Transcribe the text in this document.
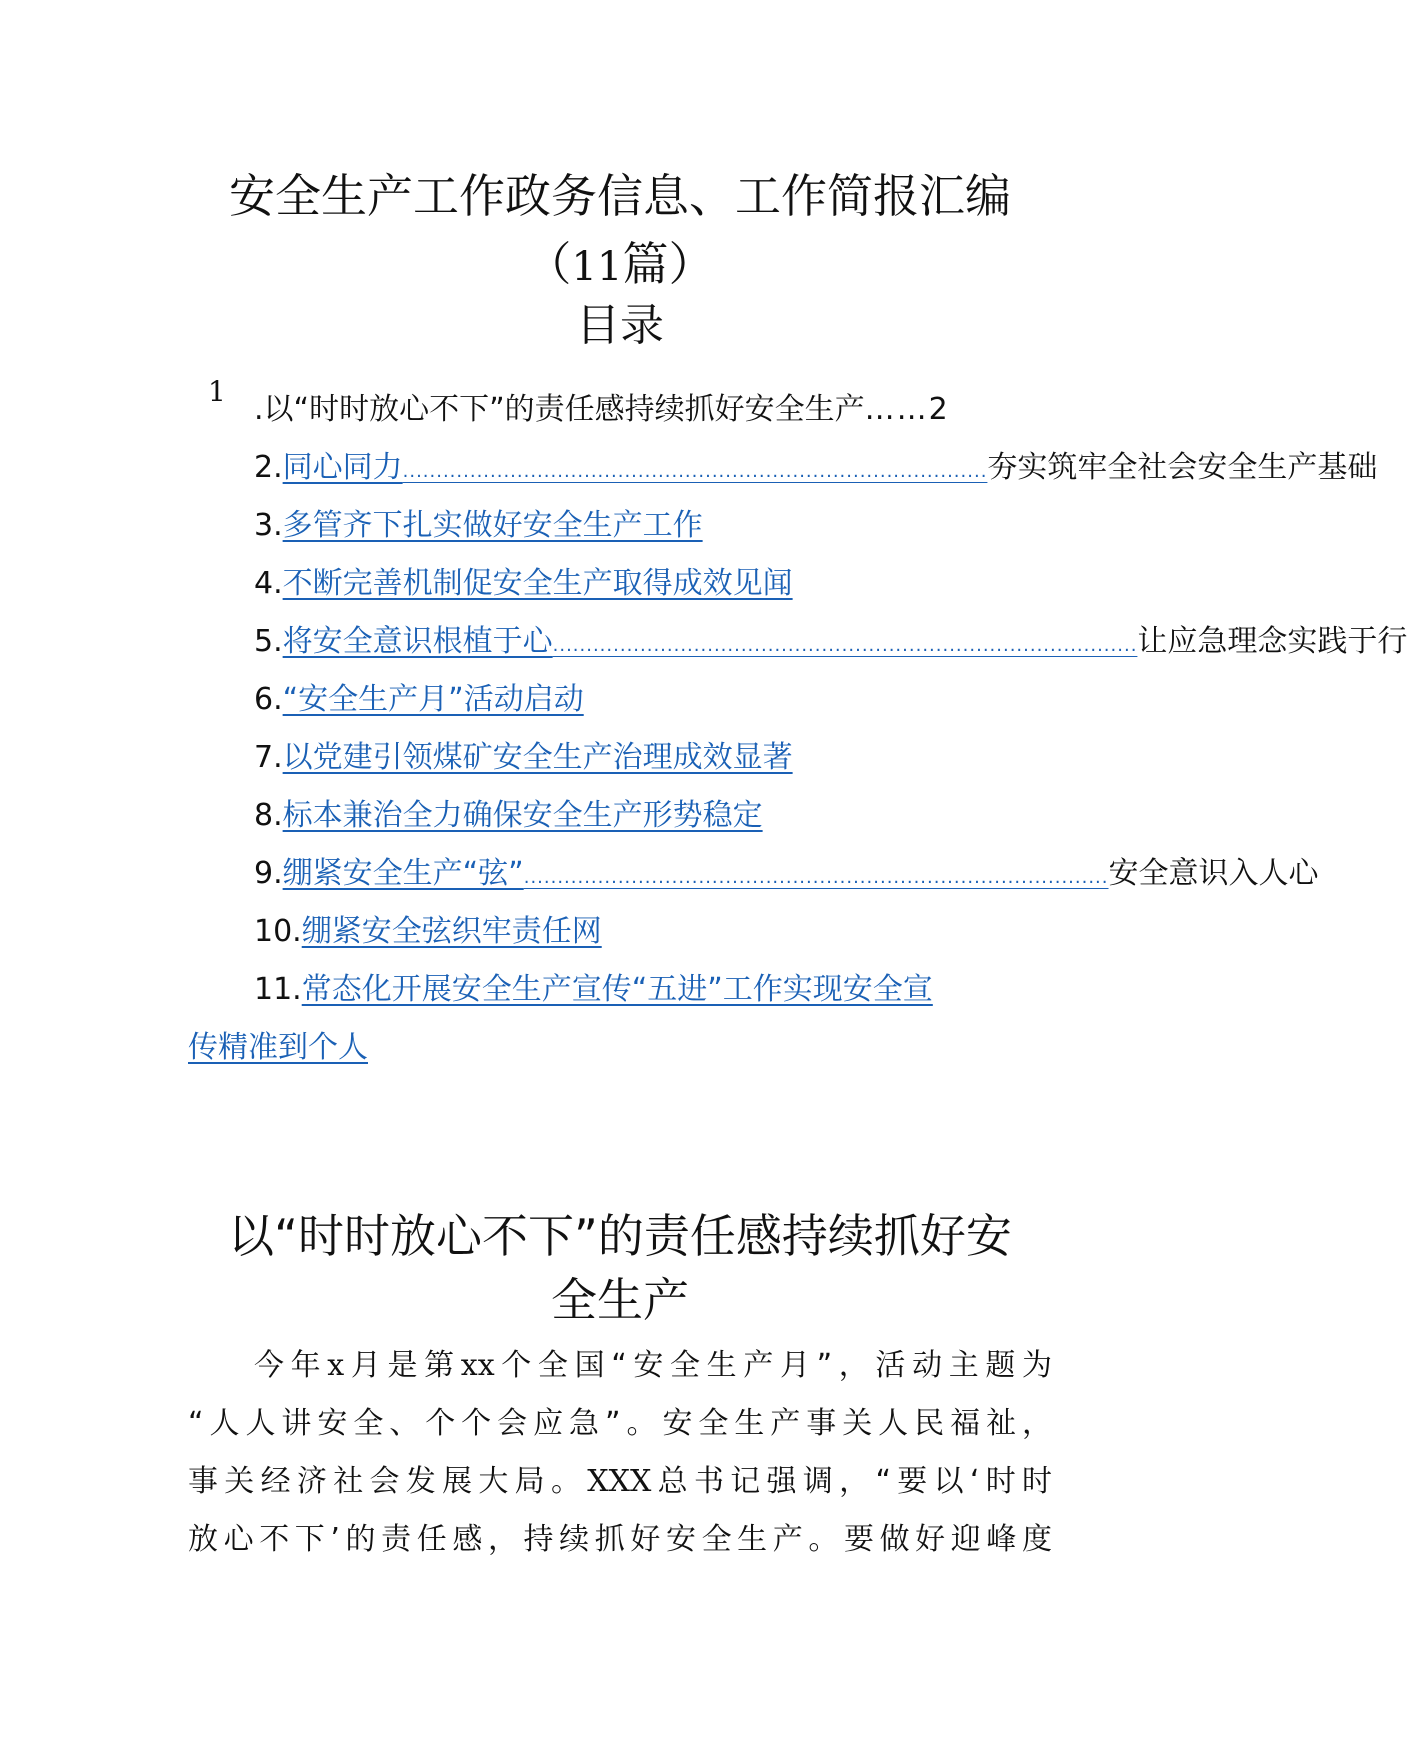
安全生产工作政务信息、工作简报汇编
（11篇）
目录
1
.以“时时放心不下”的责任感持续抓好安全生产 …… 2
2. 同心同力 ....................................................................................... 夯实筑牢全社会安全生产基础
3. 多管齐下扎实做好安全生产工作
4. 不断完善机制促安全生产取得成效见闻
5. 将安全意识根植于心 ....................................................................................... 让应急理念实践于行
6. “安全生产月”活动启动
7. 以党建引领煤矿安全生产治理成效显著
8. 标本兼治全力确保安全生产形势稳定
9. 绷紧安全生产“弦” ....................................................................................... 安全意识入人心
10. 绷紧安全弦织牢责任网
11. 常态化开展安全生产宣传“五进”工作实现安全宣
传精准到个人
以“时时放心不下”的责任感持续抓好安
全生产
今年x月是第xx个全国“安全生产月”，活动主题为
“人人讲安全、个个会应急”。安全生产事关人民福祉，
事关经济社会发展大局。XXX总书记强调，“要以‘时时
放心不下’的责任感，持续抓好安全生产。要做好迎峰度
